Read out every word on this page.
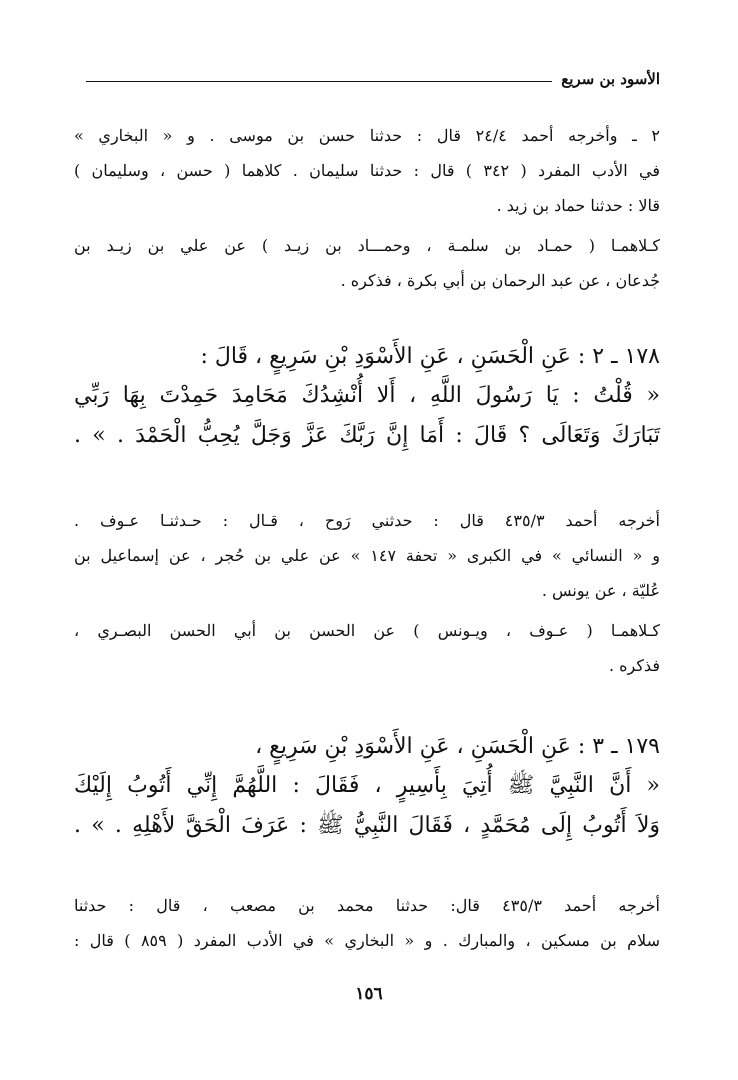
الأسود بن سريع
٢ ـ وأخرجه أحمد ٢٤/٤ قال : حدثنا حسن بن موسى . و « البخاري »
في الأدب المفرد ( ٣٤٢ ) قال : حدثنا سليمان . كلاهما ( حسن ، وسليمان )
قالا : حدثنا حماد بن زيد .
كـلاهمـا ( حمـاد بن سلمـة ، وحمـــاد بن زيـد ) عن علي بن زيـد بن
جُدعان ، عن عبد الرحمان بن أبي بكرة ، فذكره .
١٧٨ ـ ٢ : عَنِ الْحَسَنِ ، عَنِ الأَسْوَدِ بْنِ سَرِيعٍ ، قَالَ :
« قُلْتُ : يَا رَسُولَ اللَّهِ ، أَلا أُنْشِدُكَ مَحَامِدَ حَمِدْتَ بِهَا رَبِّي
تَبَارَكَ وَتَعَالَى ؟ قَالَ : أَمَا إِنَّ رَبَّكَ عَزَّ وَجَلَّ يُحِبُّ الْحَمْدَ . » .
أخرجه أحمد ٤٣٥/٣ قال : حدثني رَوح ، قـال : حـدثنـا عـوف .
و « النسائي » في الكبرى « تحفة ١٤٧ » عن علي بن حُجر ، عن إسماعيل بن
عُليّة ، عن يونس .
كـلاهمـا ( عـوف ، ويـونس ) عن الحسن بن أبي الحسن البصـري ،
فذكره .
١٧٩ ـ ٣ : عَنِ الْحَسَنِ ، عَنِ الأَسْوَدِ بْنِ سَرِيعٍ ،
« أَنَّ النَّبِيَّ ﷺ أُتِيَ بِأَسِيرٍ ، فَقَالَ : اللَّهُمَّ إِنِّي أَتُوبُ إِلَيْكَ
وَلاَ أَتُوبُ إِلَى مُحَمَّدٍ ، فَقَالَ النَّبِيُّ ﷺ : عَرَفَ الْحَقَّ لأَهْلِهِ . » .
أخرجه أحمد ٤٣٥/٣ قال: حدثنا محمد بن مصعب ، قال : حدثنا
سلام بن مسكين ، والمبارك . و « البخاري » في الأدب المفرد ( ٨٥٩ ) قال :
١٥٦
